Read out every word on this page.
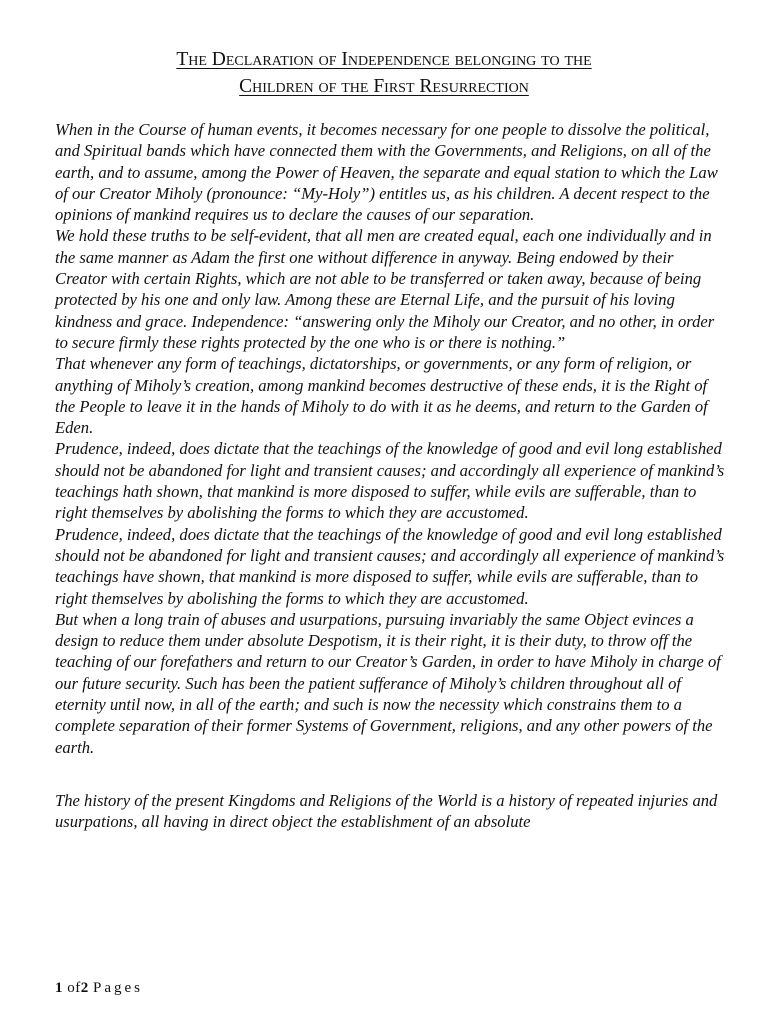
The Declaration of Independence belonging to the
Children of the First Resurrection

When in the Course of human events, it becomes necessary for one people to dissolve the political, and Spiritual bands which have connected them with the Governments, and Religions, on all of the earth, and to assume, among the Power of Heaven, the separate and equal station to which the Law of our Creator Miholy (pronounce: “My-Holy”) entitles us, as his children. A decent respect to the opinions of mankind requires us to declare the causes of our separation.

We hold these truths to be self-evident, that all men are created equal, each one individually and in the same manner as Adam the first one without difference in anyway. Being endowed by their Creator with certain Rights, which are not able to be transferred or taken away, because of being protected by his one and only law. Among these are Eternal Life, and the pursuit of his loving kindness and grace. Independence: “answering only the Miholy our Creator, and no other, in order to secure firmly these rights protected by the one who is or there is nothing.”

That whenever any form of teachings, dictatorships, or governments, or any form of religion, or anything of Miholy’s creation, among mankind becomes destructive of these ends, it is the Right of the People to leave it in the hands of Miholy to do with it as he deems, and return to the Garden of Eden.

Prudence, indeed, does dictate that the teachings of the knowledge of good and evil long established should not be abandoned for light and transient causes; and accordingly all experience of mankind’s teachings hath shown, that mankind is more disposed to suffer, while evils are sufferable, than to right themselves by abolishing the forms to which they are accustomed.

Prudence, indeed, does dictate that the teachings of the knowledge of good and evil long established should not be abandoned for light and transient causes; and accordingly all experience of mankind’s teachings have shown, that mankind is more disposed to suffer, while evils are sufferable, than to right themselves by abolishing the forms to which they are accustomed.

But when a long train of abuses and usurpations, pursuing invariably the same Object evinces a design to reduce them under absolute Despotism, it is their right, it is their duty, to throw off the teaching of our forefathers and return to our Creator’s Garden, in order to have Miholy in charge of our future security. Such has been the patient sufferance of Miholy’s children throughout all of eternity until now, in all of the earth; and such is now the necessity which constrains them to a complete separation of their former Systems of Government, religions, and any other powers of the earth.

The history of the present Kingdoms and Religions of the World is a history of repeated injuries and usurpations, all having in direct object the establishment of an absolute

1 of2 Pages
